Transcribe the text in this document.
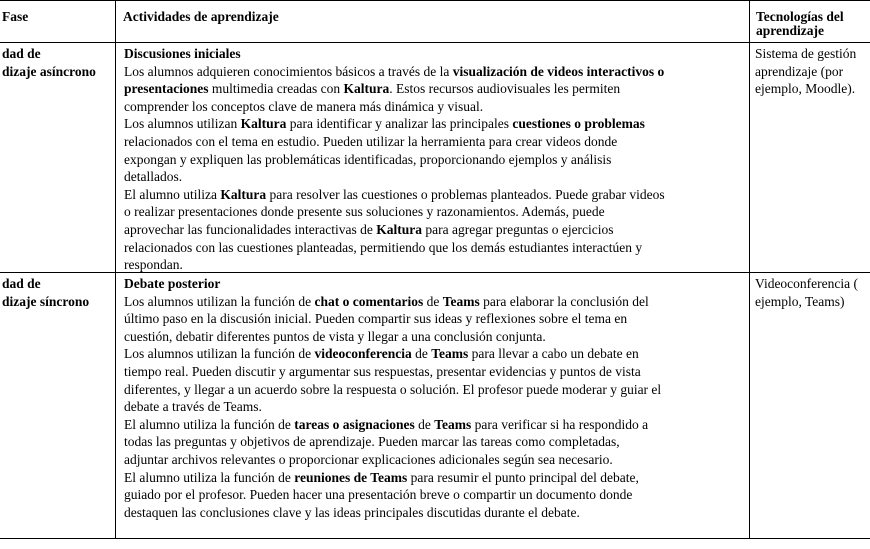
Fase	Actividades de aprendizaje	Tecnologías del
aprendizaje
dad de
dizaje asíncrono
Discusiones iniciales
Los alumnos adquieren conocimientos básicos a través de la visualización de videos interactivos o
presentaciones multimedia creadas con Kaltura. Estos recursos audiovisuales les permiten
comprender los conceptos clave de manera más dinámica y visual.
Los alumnos utilizan Kaltura para identificar y analizar las principales cuestiones o problemas
relacionados con el tema en estudio. Pueden utilizar la herramienta para crear videos donde
expongan y expliquen las problemáticas identificadas, proporcionando ejemplos y análisis
detallados.
El alumno utiliza Kaltura para resolver las cuestiones o problemas planteados. Puede grabar videos
o realizar presentaciones donde presente sus soluciones y razonamientos. Además, puede
aprovechar las funcionalidades interactivas de Kaltura para agregar preguntas o ejercicios
relacionados con las cuestiones planteadas, permitiendo que los demás estudiantes interactúen y
respondan.
Sistema de gestión
aprendizaje (por
ejemplo, Moodle).
dad de
dizaje síncrono
Debate posterior
Los alumnos utilizan la función de chat o comentarios de Teams para elaborar la conclusión del
último paso en la discusión inicial. Pueden compartir sus ideas y reflexiones sobre el tema en
cuestión, debatir diferentes puntos de vista y llegar a una conclusión conjunta.
Los alumnos utilizan la función de videoconferencia de Teams para llevar a cabo un debate en
tiempo real. Pueden discutir y argumentar sus respuestas, presentar evidencias y puntos de vista
diferentes, y llegar a un acuerdo sobre la respuesta o solución. El profesor puede moderar y guiar el
debate a través de Teams.
El alumno utiliza la función de tareas o asignaciones de Teams para verificar si ha respondido a
todas las preguntas y objetivos de aprendizaje. Pueden marcar las tareas como completadas,
adjuntar archivos relevantes o proporcionar explicaciones adicionales según sea necesario.
El alumno utiliza la función de reuniones de Teams para resumir el punto principal del debate,
guiado por el profesor. Pueden hacer una presentación breve o compartir un documento donde
destaquen las conclusiones clave y las ideas principales discutidas durante el debate.
Videoconferencia (
ejemplo, Teams)
